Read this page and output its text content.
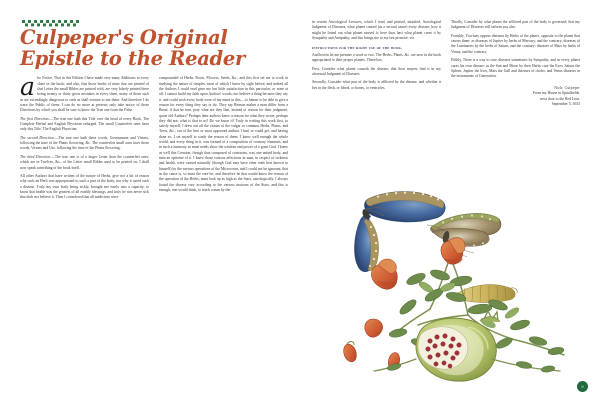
Culpeper's Original Epistle to the Reader

ake Notice, That in this Edition I have made very many Additions to every sheet in the book; and also, that those books of mine that are printed of that Letter the small Bibles are printed with, are very falsely printed there being twenty or thirty gross mistakes in every sheet, many of them such as are exceedingly dangerous to such as shall venture to use them: And therefore I do warn the Public of them: I can do no more at present; only take notice of these Directions by which you shall be sure to know the True one from the False.

The first Direction.—The true one hath this Title over the head of every Book, The Complete Herbal and English Physician enlarged. The small Counterfeit ones have only this Title, The English Physician.

The second Direction.—The true one hath these words, Government and Virtues, following the time of the Plants flowering, &c. The counterfeit small ones have these words, Virtues and Use, following the time of the Plants flowering.

The third Direction.—The true one is of a larger Letter than the counterfeit ones, which are in Twelves, &c., of the Letter small Bibles used to be printed on. I shall now speak something of the book itself.

All other Authors that have written of the nature of Herbs, give not a bit of reason why such an Herb was appropriated to such a part of the body, nor why it cured such a disease. Truly my own body being sickly, brought me easily into a capacity, to know that health was the greatest of all earthly blessings, and truly he was never sick that doth not believe it. Then I considered that all medicines were

compounded of Herbs, Roots, Flowers, Seeds, &c., and this first set me to work in studying the nature of simples, most of which I knew by sight before; and indeed all the Authors I could read gave me but little satisfaction in this particular, or none at all. I cannot build my faith upon Authors' words; nor believe a thing because they say it, and could wish every body were of my mind in this,—to labour to be able to give a reason for every thing they say or do. They say Reason makes a man differ from a Beast; if that be true, pray what are they that, instead of reason for their judgment, quote old Authors? Perhaps their authors knew a reason for what they wrote, perhaps they did not; what is that to us? Do we know it? Truly in writing this work first, to satisfy myself, I drew out all the virtues of the vulgar or common Herbs, Plants, and Trees, &c., out of the best or most approved authors I had, or could get, and having done so, I set myself to study the reason of them. I knew well enough the whole world, and every thing in it, was formed of a composition of contrary elements, and in such a harmony as must needs show the wisdom and power of a great God. I knew as well this Creation, though thus composed of contraries, was one united body, and man an epitome of it. I knew those various affections in man, in respect of sickness and health, were caused naturally (though God may have other ends best known to himself) by the various operations of the Microcosm; and I could not be ignorant, that as the cause is, so must the cure be; and therefore he that would know the reason of the operation of the Herbs, must look up as high as the Stars, astrologically. I always found the disease vary according to the various motions of the Stars; and this is enough, one would think, to teach a man by the

in certain Astrological Lectures, which I read, and printed, intituled, Astrological Judgment of Diseases, what planet caused (as a second cause) every disease; how it might be found out what planet caused it; here thou hast what planet cures it by Sympathy and Antipathy; and this brings me to my last promise, viz.

instructions for the right use of the book.

And herein let me premise a word or two. The Herbs, Plants, &c. are now in the book appropriated to their proper planets. Therefore,

First, Consider what planet causeth the disease; that thou mayest find it in my aforesaid Judgment of Diseases.

Secondly, Consider what part of the body is afflicted by the disease, and whether it lies in the flesh, or blood, or bones, or ventricles.

Thirdly, Consider by what planet the afflicted part of the body is governed; that my Judgment of Diseases will inform you also.

Fourthly, You may oppose diseases by Herbs of the planet, opposite to the planet that causes them: as diseases of Jupiter by herbs of Mercury, and the contrary; diseases of the Luminaries by the herbs of Saturn, and the contrary; diseases of Mars by herbs of Venus, and the contrary.

Fifthly, There is a way to cure diseases sometimes by Sympathy, and so every planet cures his own disease; as the Sun and Moon by their Herbs cure the Eyes, Saturn the Spleen, Jupiter the liver, Mars the Gall and diseases of choler, and Venus diseases in the instruments of Generation.

Nich. Culpeper
From my House in Spitalfields,
next door to the Red Lion,
September 5, 1653
9
